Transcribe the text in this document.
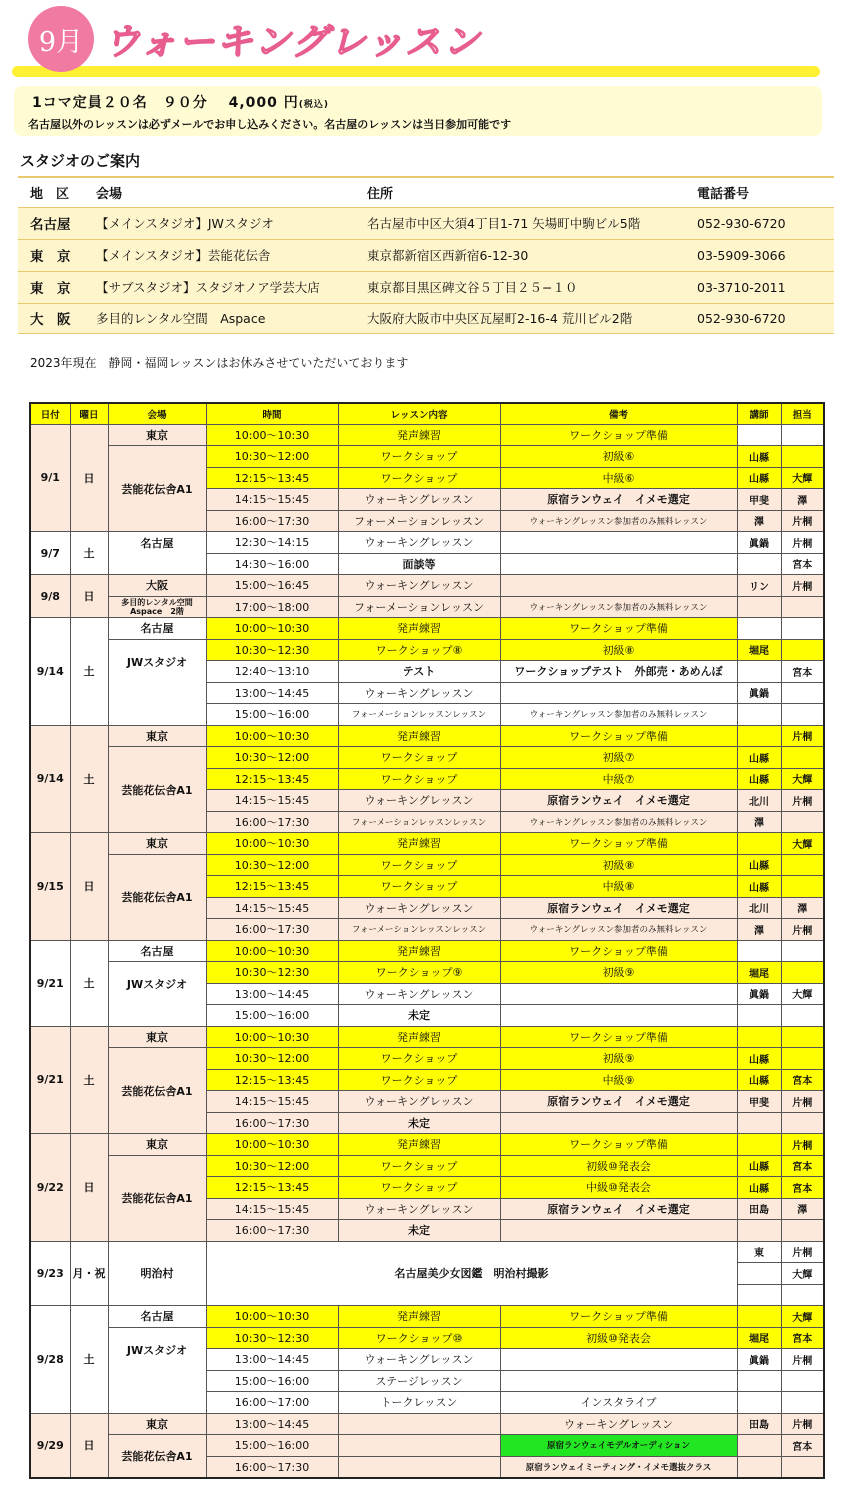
9月 ウォーキングレッスン
1コマ定員２０名　９０分　 4,000 円(税込)
名古屋以外のレッスンは必ずメールでお申し込みください。名古屋のレッスンは当日参加可能です
スタジオのご案内
地　区	会場	住所	電話番号
名古屋	【メインスタジオ】JWスタジオ	名古屋市中区大須4丁目1-71 矢場町中駒ビル5階	052-930-6720
東　京	【メインスタジオ】芸能花伝舎	東京都新宿区西新宿6-12-30	03-5909-3066
東　京	【サブスタジオ】スタジオノア学芸大店	東京都目黒区碑文谷５丁目２５−１０	03-3710-2011
大　阪	多目的レンタル空間　Aspace	大阪府大阪市中央区瓦屋町2-16-4 荒川ビル2階	052-930-6720
2023年現在　静岡・福岡レッスンはお休みさせていただいております
日付	曜日	会場	時間	レッスン内容	備考	講師	担当
9/1	日	東京	10:00〜10:30	発声練習	ワークショップ準備		
		芸能花伝舎A1	10:30〜12:00	ワークショップ	初級⑥	山縣	
			12:15〜13:45	ワークショップ	中級⑥	山縣	大輝
			14:15〜15:45	ウォーキングレッスン	原宿ランウェイ　イメモ選定	甲斐	澤
			16:00〜17:30	フォーメーションレッスン	ウォーキングレッスン参加者のみ無料レッスン	澤	片桐
9/7	土	名古屋	12:30〜14:15	ウォーキングレッスン		眞鍋	片桐
			14:30〜16:00	面談等			宮本
9/8	日	大阪	15:00〜16:45	ウォーキングレッスン		リン	片桐
		多目的レンタル空間 Aspace　2階	17:00〜18:00	フォーメーションレッスン	ウォーキングレッスン参加者のみ無料レッスン		
9/14	土	名古屋	10:00〜10:30	発声練習	ワークショップ準備		
		JWスタジオ	10:30〜12:30	ワークショップ⑧	初級⑧	堀尾	
			12:40〜13:10	テスト	ワークショップテスト　外郎売・あめんぼ		宮本
			13:00〜14:45	ウォーキングレッスン		眞鍋	
			15:00〜16:00	フォーメーションレッスンレッスン	ウォーキングレッスン参加者のみ無料レッスン		
9/14	土	東京	10:00〜10:30	発声練習	ワークショップ準備		片桐
		芸能花伝舎A1	10:30〜12:00	ワークショップ	初級⑦	山縣	
			12:15〜13:45	ワークショップ	中級⑦	山縣	大輝
			14:15〜15:45	ウォーキングレッスン	原宿ランウェイ　イメモ選定	北川	片桐
			16:00〜17:30	フォーメーションレッスンレッスン	ウォーキングレッスン参加者のみ無料レッスン	澤	
9/15	日	東京	10:00〜10:30	発声練習	ワークショップ準備		大輝
		芸能花伝舎A1	10:30〜12:00	ワークショップ	初級⑧	山縣	
			12:15〜13:45	ワークショップ	中級⑧	山縣	
			14:15〜15:45	ウォーキングレッスン	原宿ランウェイ　イメモ選定	北川	澤
			16:00〜17:30	フォーメーションレッスンレッスン	ウォーキングレッスン参加者のみ無料レッスン	澤	片桐
9/21	土	名古屋	10:00〜10:30	発声練習	ワークショップ準備		
		JWスタジオ	10:30〜12:30	ワークショップ⑨	初級⑨	堀尾	
			13:00〜14:45	ウォーキングレッスン		眞鍋	大輝
			15:00〜16:00	未定			
9/21	土	東京	10:00〜10:30	発声練習	ワークショップ準備		
		芸能花伝舎A1	10:30〜12:00	ワークショップ	初級⑨	山縣	
			12:15〜13:45	ワークショップ	中級⑨	山縣	宮本
			14:15〜15:45	ウォーキングレッスン	原宿ランウェイ　イメモ選定	甲斐	片桐
			16:00〜17:30	未定			
9/22	日	東京	10:00〜10:30	発声練習	ワークショップ準備		片桐
		芸能花伝舎A1	10:30〜12:00	ワークショップ	初級⑩発表会	山縣	宮本
			12:15〜13:45	ワークショップ	中級⑩発表会	山縣	宮本
			14:15〜15:45	ウォーキングレッスン	原宿ランウェイ　イメモ選定	田島	澤
			16:00〜17:30	未定			
9/23	月・祝	明治村	名古屋美少女図鑑　明治村撮影			東	片桐
							大輝

9/28	土	名古屋	10:00〜10:30	発声練習	ワークショップ準備		大輝
		JWスタジオ	10:30〜12:30	ワークショップ⑩	初級⑩発表会	堀尾	宮本
			13:00〜14:45	ウォーキングレッスン		眞鍋	片桐
			15:00〜16:00	ステージレッスン			
			16:00〜17:00	トークレッスン	インスタライブ		
9/29	日	東京	13:00〜14:45		ウォーキングレッスン	田島	片桐
		芸能花伝舎A1	15:00〜16:00		原宿ランウェイモデルオーディション		宮本
			16:00〜17:30		原宿ランウェイミーティング・イメモ選抜クラス		
